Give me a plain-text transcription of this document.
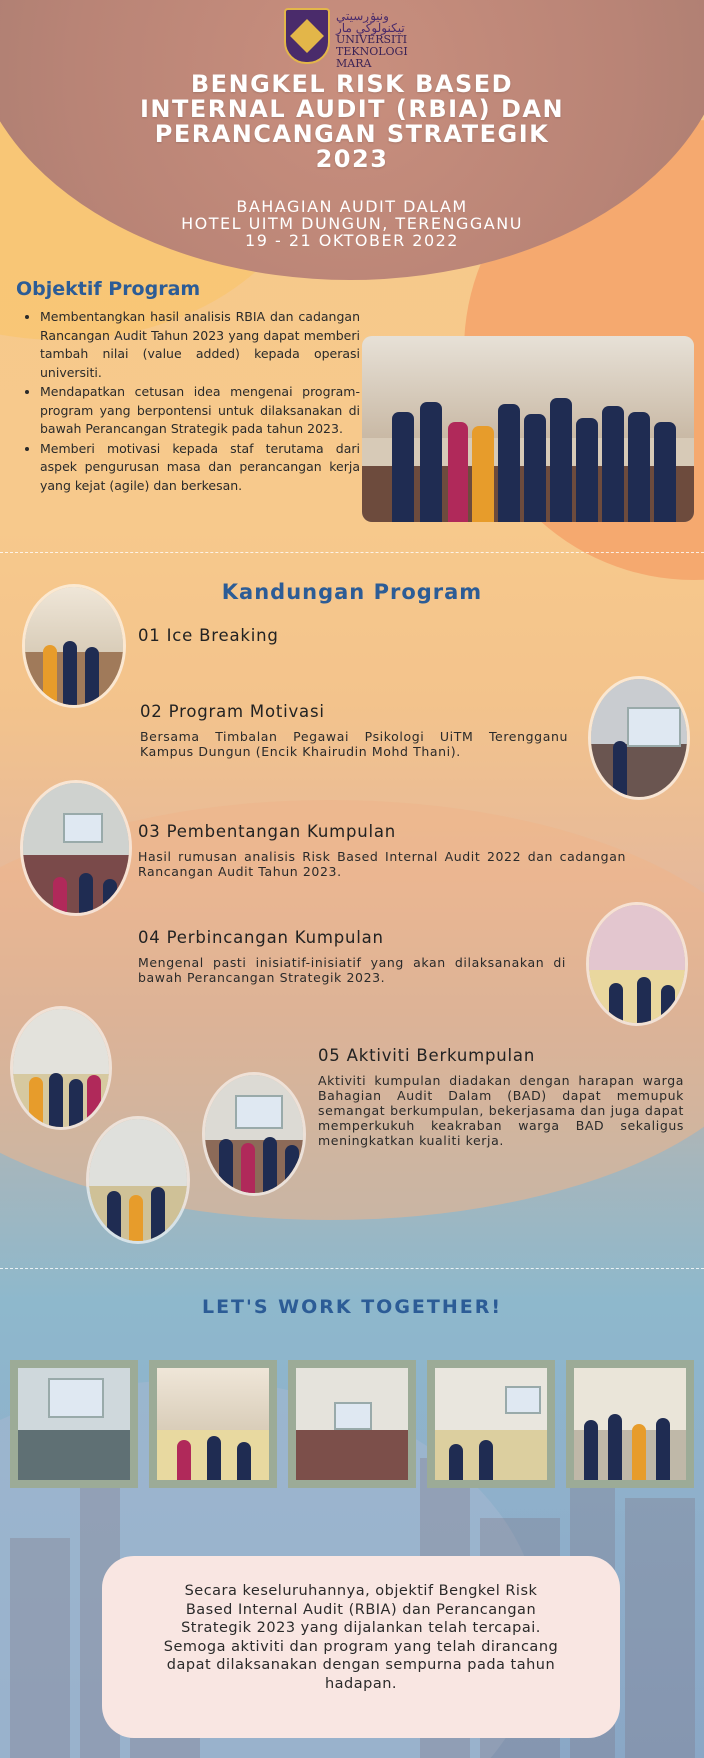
ونيۏرسيتي تيكنولوڬي مار
UNIVERSITI
TEKNOLOGI
MARA
BENGKEL RISK BASED
INTERNAL AUDIT (RBIA) DAN
PERANCANGAN STRATEGIK
2023
BAHAGIAN AUDIT DALAM
HOTEL UITM DUNGUN, TERENGGANU
19 - 21 OKTOBER 2022
Objektif Program
• Membentangkan hasil analisis RBIA dan cadangan Rancangan Audit Tahun 2023 yang dapat memberi tambah nilai (value added) kepada operasi universiti.
• Mendapatkan cetusan idea mengenai program-program yang berpontensi untuk dilaksanakan di bawah Perancangan Strategik pada tahun 2023.
• Memberi motivasi kepada staf terutama dari aspek pengurusan masa dan perancangan kerja yang kejat (agile) dan berkesan.
Kandungan Program
01 Ice Breaking
02 Program Motivasi

Bersama Timbalan Pegawai Psikologi UiTM Terengganu Kampus Dungun (Encik Khairudin Mohd Thani).

03 Pembentangan Kumpulan

Hasil rumusan analisis Risk Based Internal Audit 2022 dan cadangan Rancangan Audit Tahun 2023.

04 Perbincangan Kumpulan

Mengenal pasti inisiatif-inisiatif yang akan dilaksanakan di bawah Perancangan Strategik 2023.

05 Aktiviti Berkumpulan

Aktiviti kumpulan diadakan dengan harapan warga Bahagian Audit Dalam (BAD) dapat memupuk semangat berkumpulan, bekerjasama dan juga dapat memperkukuh keakraban warga BAD sekaligus meningkatkan kualiti kerja.

LET'S WORK TOGETHER!
Secara keseluruhannya, objektif Bengkel Risk Based Internal Audit (RBIA) dan Perancangan Strategik 2023 yang dijalankan telah tercapai. Semoga aktiviti dan program yang telah dirancang dapat dilaksanakan dengan sempurna pada tahun hadapan.
